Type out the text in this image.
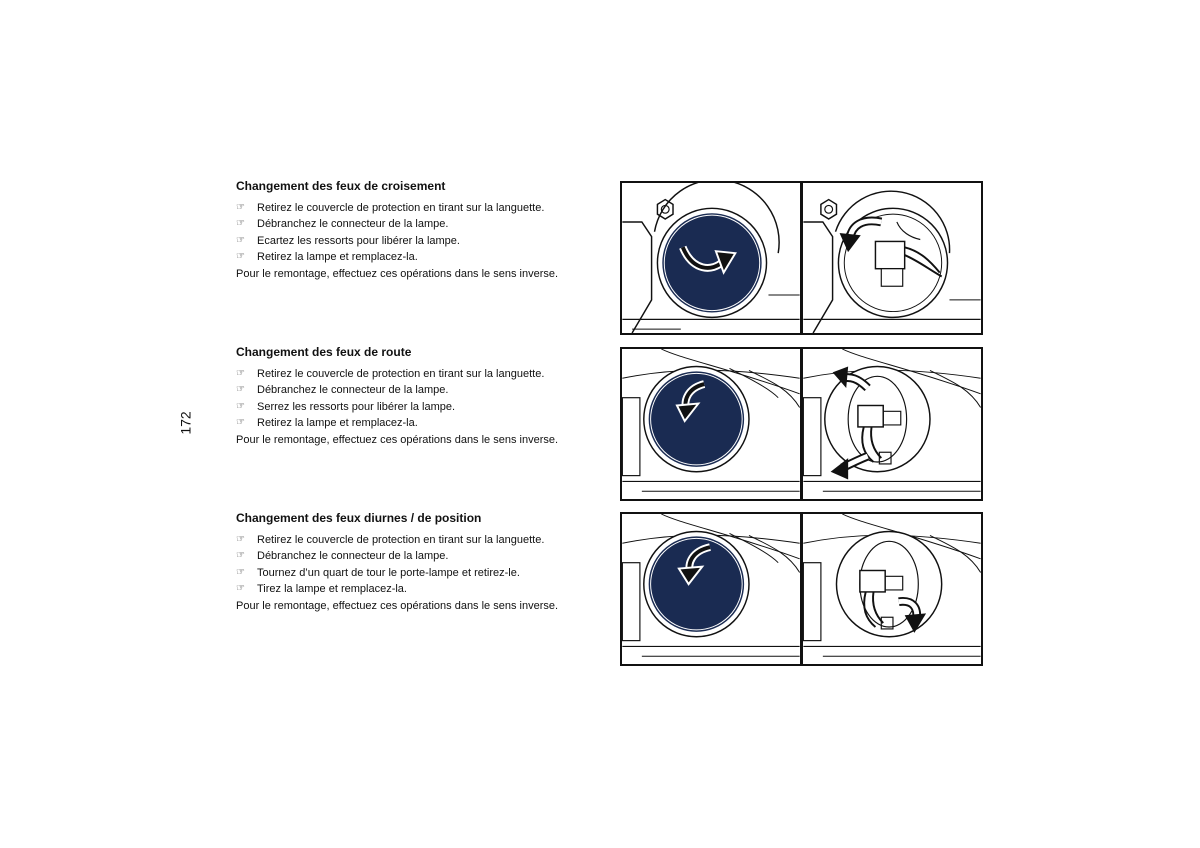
172
Changement des feux de croisement
☞ Retirez le couvercle de protection en tirant sur la languette.
☞ Débranchez le connecteur de la lampe.
☞ Ecartez les ressorts pour libérer la lampe.
☞ Retirez la lampe et remplacez-la.

Pour le remontage, effectuez ces opérations dans le sens inverse.

Changement des feux de route
☞ Retirez le couvercle de protection en tirant sur la languette.
☞ Débranchez le connecteur de la lampe.
☞ Serrez les ressorts pour libérer la lampe.
☞ Retirez la lampe et remplacez-la.

Pour le remontage, effectuez ces opérations dans le sens inverse.

Changement des feux diurnes / de position
☞ Retirez le couvercle de protection en tirant sur la languette.
☞ Débranchez le connecteur de la lampe.
☞ Tournez d’un quart de tour le porte-lampe et retirez-le.
☞ Tirez la lampe et remplacez-la.

Pour le remontage, effectuez ces opérations dans le sens inverse.
